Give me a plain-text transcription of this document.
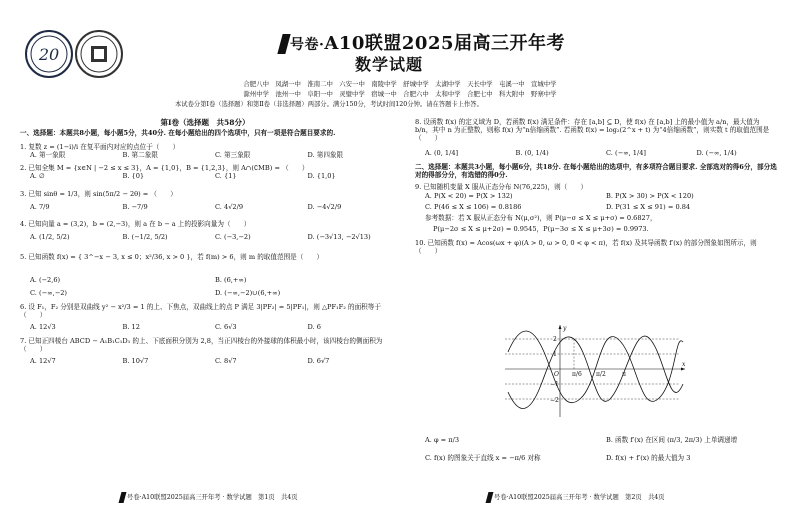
20	号卷·A10联盟2025届高三开年考
数学试题
合肥八中　凤湖一中　淮南二中　六安一中　南陵中学　舒城中学　太湖中学　天长中学　屯溪一中　宣城中学
滁州中学　池州一中　阜阳一中　灵璧中学　宿城一中　合肥六中　太和中学　合肥七中　科大附中　野寨中学
本试卷分第Ⅰ卷（选择题）和第Ⅱ卷（非选择题）两部分。满分150分，考试时间120分钟。请在答题卡上作答。
第Ⅰ卷（选择题　共58分）
一、选择题：本题共8小题，每小题5分，共40分. 在每小题给出的四个选项中，只有一项是符合题目要求的.
1. 复数 z = (1−i)/i 在复平面内对应的点位于（　　）
A. 第一象限	B. 第二象限	C. 第三象限	D. 第四象限
2. 已知全集 M = {x∈N | −2 ≤ x ≤ 3}，A = {1,0}，B = {1,2,3}，则 A∩(∁MB) = （　　）
A. ∅	B. {0}	C. {1}	D. {1,0}
3. 已知 sinθ = 1/3，则 sin(5π/2 − 2θ) = （　　）
A. 7/9	B. −7/9	C. 4√2/9	D. −4√2/9
4. 已知向量 a = (3,2)，b = (2,−3)，则 a 在 b − a 上的投影向量为（　　）
A. (1/2, 5/2)	B. (−1/2, 5/2)	C. (−3,−2)	D. (−3√13, −2√13)
5. 已知函数 f(x) = { 3^−x − 3, x ≤ 0；x²/36, x > 0 }，若 f(m) > 6，则 m 的取值范围是（　　）
A. (−2,6)	B. (6,+∞)
C. (−∞,−2)	D. (−∞,−2)∪(6,+∞)
6. 设 F₁，F₂ 分别是双曲线 y² − x²/3 = 1 的上、下焦点，双曲线上的点 P 满足 3|PF₂| = 5|PF₁|，则 △PF₁F₂ 的面积等于（　　）
A. 12√3	B. 12	C. 6√3	D. 6
7. 已知正四棱台 ABCD − A₁B₁C₁D₁ 的上、下底面积分别为 2,8，当正四棱台的外接球的体积最小时，该四棱台的侧面积为（　　）
A. 12√7	B. 10√7	C. 8√7	D. 6√7
8. 设函数 f(x) 的定义域为 D，若函数 f(x) 满足条件：存在 [a,b] ⊆ D，使 f(x) 在 [a,b] 上的最小值为 a/n，最大值为 b/n，其中 n 为正整数，则称 f(x) 为“n倍缩函数”. 若函数 f(x) = log₂(2^x + t) 为“4倍缩函数”，则实数 t 的取值范围是（　　）
A. (0, 1/4]	B. (0, 1/4)	C. (−∞, 1/4]	D. (−∞, 1/4)
二、选择题：本题共3小题，每小题6分，共18分. 在每小题给出的选项中，有多项符合题目要求. 全部选对的得6分，部分选对的得部分分，有选错的得0分.
9. 已知随机变量 X 服从正态分布 N(76,225)，则（　　）
A. P(X < 20) = P(X > 132)	B. P(X > 30) > P(X < 120)
C. P(46 ≤ X ≤ 106) = 0.8186	D. P(31 ≤ X ≤ 91) = 0.84
参考数据：若 X 服从正态分布 N(μ,σ²)，则 P(μ−σ ≤ X ≤ μ+σ) = 0.6827，
P(μ−2σ ≤ X ≤ μ+2σ) = 0.9545，P(μ−3σ ≤ X ≤ μ+3σ) = 0.9973.
10. 已知函数 f(x) = Acos(ωx + φ)(A > 0, ω > 0, 0 < φ < π)，若 f(x) 及其导函数 f′(x) 的部分图象如图所示，则（　　）
y
x
O
2
1
−1
−2
π/6 π/2	π
A. φ = π/3	B. 函数 f′(x) 在区间 (π/3, 2π/3) 上单调递增
C. f(x) 的图象关于直线 x = −π/6 对称	D. f(x) + f′(x) 的最大值为 3
号卷·A10联盟2025届高三开年考 · 数学试题　第1页　共4页	号卷·A10联盟2025届高三开年考 · 数学试题　第2页　共4页
